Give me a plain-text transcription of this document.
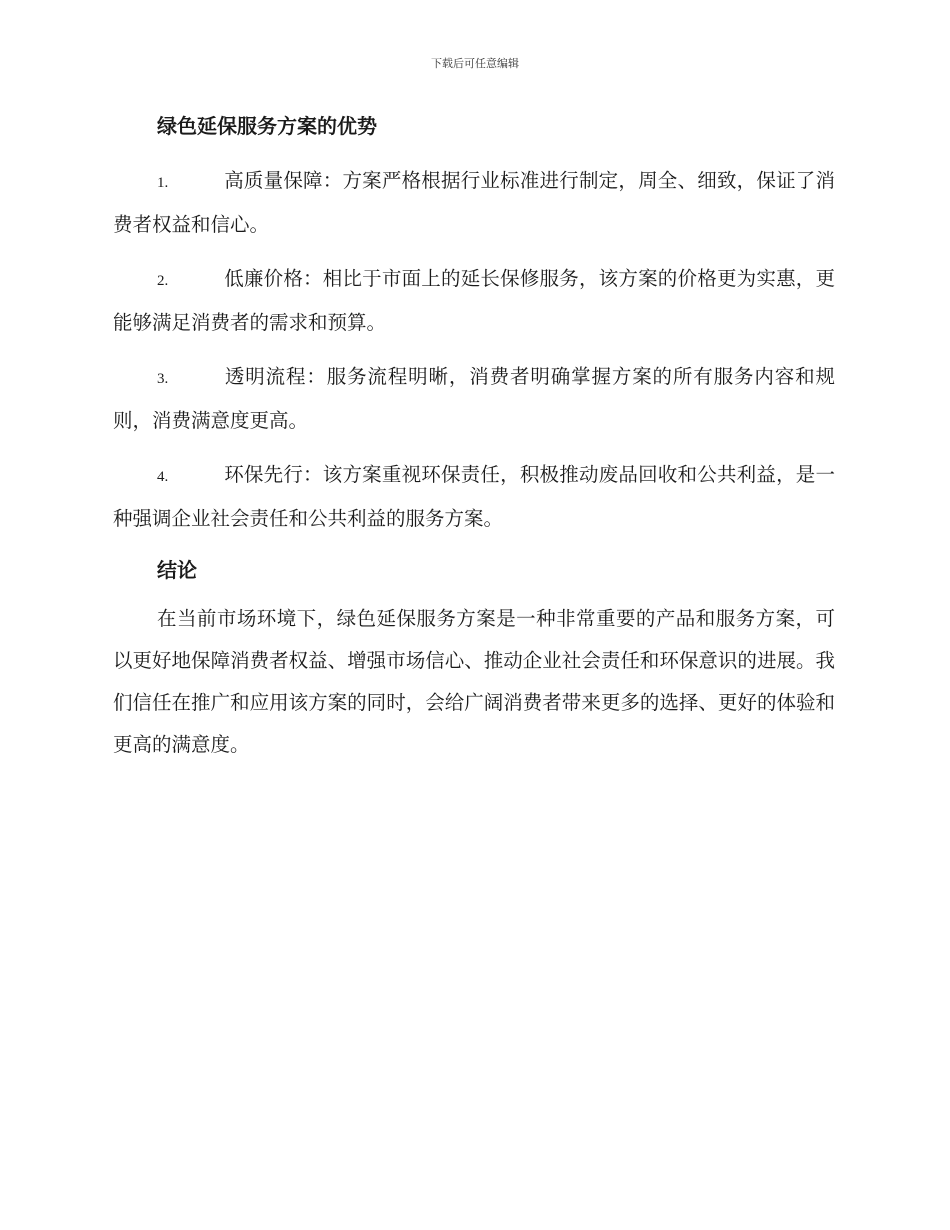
下载后可任意编辑
绿色延保服务方案的优势
1.	高质量保障：方案严格根据行业标准进行制定，周全、细致，保证了消费者权益和信心。
2.	低廉价格：相比于市面上的延长保修服务，该方案的价格更为实惠，更能够满足消费者的需求和预算。
3.	透明流程：服务流程明晰，消费者明确掌握方案的所有服务内容和规则，消费满意度更高。
4.	环保先行：该方案重视环保责任，积极推动废品回收和公共利益，是一种强调企业社会责任和公共利益的服务方案。
结论

在当前市场环境下，绿色延保服务方案是一种非常重要的产品和服务方案，可以更好地保障消费者权益、增强市场信心、推动企业社会责任和环保意识的进展。我们信任在推广和应用该方案的同时，会给广阔消费者带来更多的选择、更好的体验和更高的满意度。
